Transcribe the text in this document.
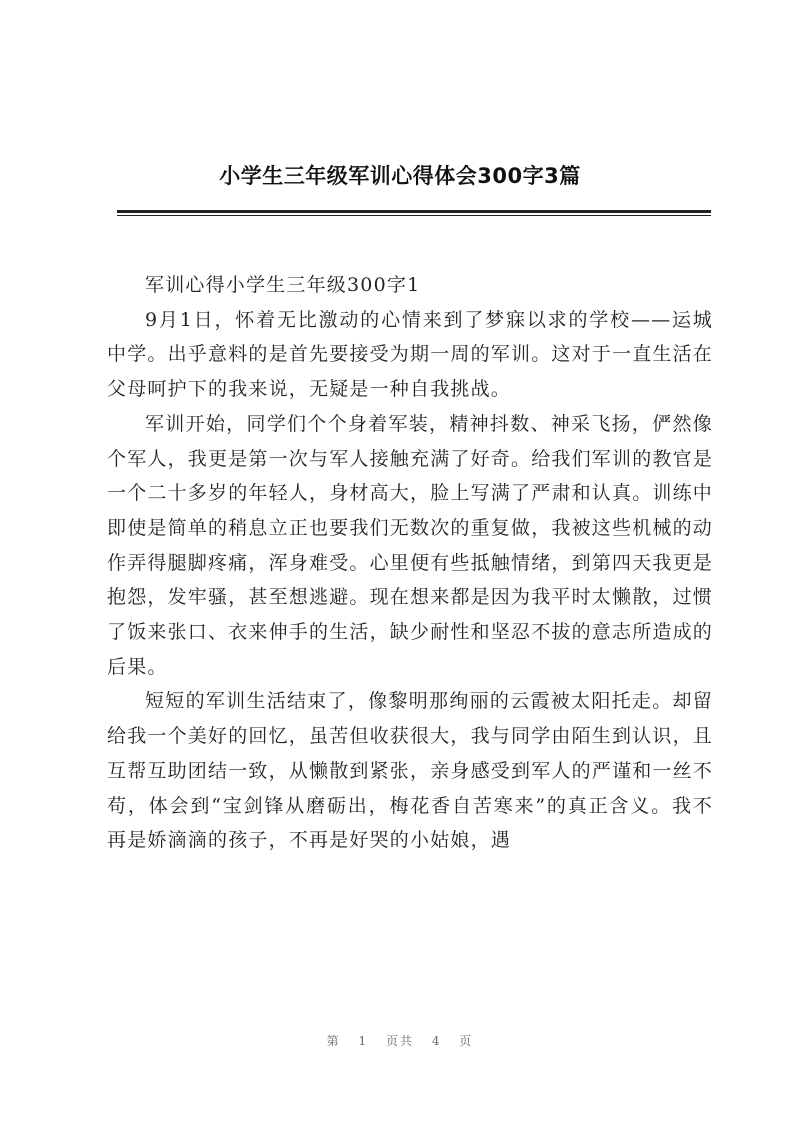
小学生三年级军训心得体会300字3篇

军训心得小学生三年级300字1

9月1日，怀着无比激动的心情来到了梦寐以求的学校——运城中学。出乎意料的是首先要接受为期一周的军训。这对于一直生活在父母呵护下的我来说，无疑是一种自我挑战。

军训开始，同学们个个身着军装，精神抖数、神采飞扬，俨然像个军人，我更是第一次与军人接触充满了好奇。给我们军训的教官是一个二十多岁的年轻人，身材高大，脸上写满了严肃和认真。训练中即使是简单的稍息立正也要我们无数次的重复做，我被这些机械的动作弄得腿脚疼痛，浑身难受。心里便有些抵触情绪，到第四天我更是抱怨，发牢骚，甚至想逃避。现在想来都是因为我平时太懒散，过惯了饭来张口、衣来伸手的生活，缺少耐性和坚忍不拔的意志所造成的后果。

短短的军训生活结束了，像黎明那绚丽的云霞被太阳托走。却留给我一个美好的回忆，虽苦但收获很大，我与同学由陌生到认识，且互帮互助团结一致，从懒散到紧张，亲身感受到军人的严谨和一丝不苟，体会到“宝剑锋从磨砺出，梅花香自苦寒来”的真正含义。我不再是娇滴滴的孩子，不再是好哭的小姑娘，遇

第 1 页共 4 页
